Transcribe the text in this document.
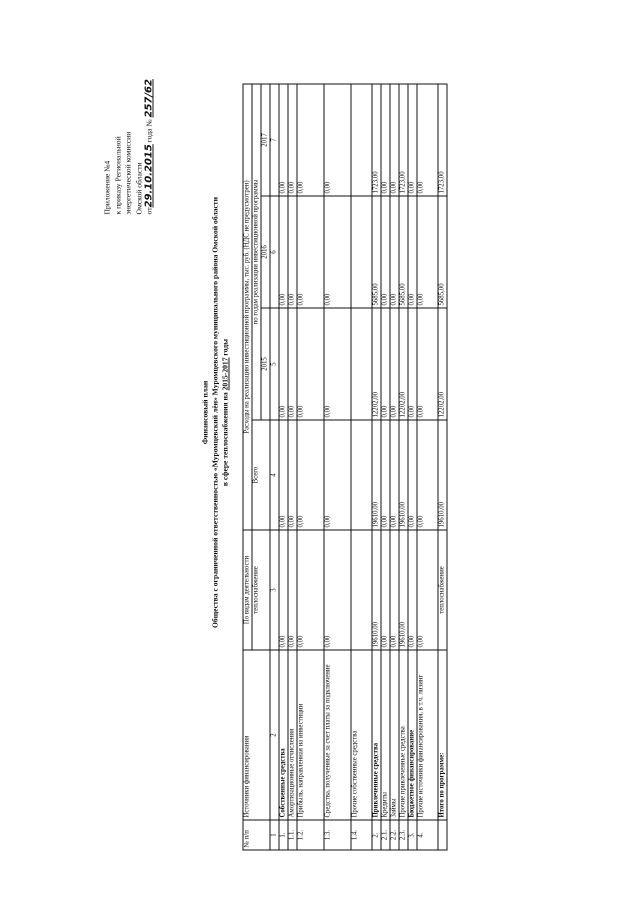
Приложение №4 к приказу Региональной энергетической комиссии Омской области от29.10.2015 года № 257/62
Финансовый план Общества с ограниченной ответственностью «Муромцевский лён» Муромцевского муниципального района Омской области в сфере теплоснабжения на 2015-2017 годы
№ п/п	Источники финансирования	По видам деятельности	Расходы на реализацию инвестиционной программы, тыс. руб. (НДС не предусмотрен)			
		теплоснабжение	Всего	по годам реализации инвестиционной программы		
				2015	2016	2017
1	2	3	4	5	6	7
1.	Собственные средства	0,00	0,00	0,00	0,00	0,00
1.1.	Амортизационные отчисления	0,00	0,00	0,00	0,00	0,00
1.2.	Прибыль, направленная на инвестиции	0,00	0,00	0,00	0,00	0,00
1.3.	Средства, полученные за счет платы за подключение	0,00	0,00	0,00	0,00	0,00
1.4.	Прочие собственные средства					
2.	Привлеченные средства	19610,00	19610,00	12202,00	5685,00	1723,00
2.1.	Кредиты	0,00	0,00	0,00	0,00	0,00
2.2.	Займы	0,00	0,00	0,00	0,00	0,00
2.3.	Прочие привлеченные средства	19610,00	19610,00	12202,00	5685,00	1723,00
3.	Бюджетное финансирование	0,00	0,00	0,00	0,00	0,00
4.	Прочие источники финансирования, в т.ч. лизинг	0,00	0,00	0,00	0,00	0,00
	Итого по программе:	теплоснабжение	19610,00	12202,00	5685,00	1723,00
